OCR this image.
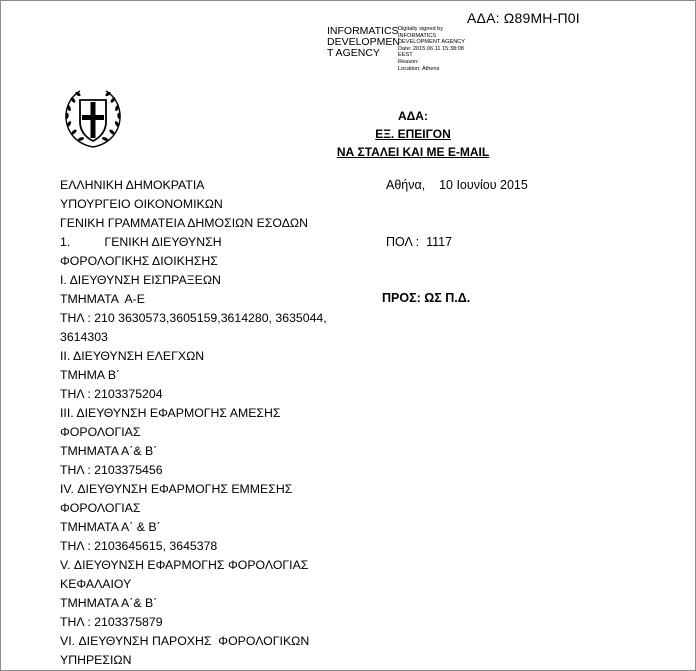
ΑΔΑ: Ω89ΜΗ-Π0Ι
INFORMATICS DEVELOPMEN T AGENCY
Digitally signed by
INFORMATICS
DEVELOPMENT AGENCY
Date: 2015.06.11 15:38:08
EEST
Reason:
Location: Athens
ΑΔΑ:
ΕΞ. ΕΠΕΙΓΟΝ
ΝΑ ΣΤΑΛΕΙ ΚΑΙ ΜΕ E-MAIL
ΕΛΛΗΝΙΚΗ ΔΗΜΟΚΡΑΤΙΑ
ΥΠΟΥΡΓΕΙΟ ΟΙΚΟΝΟΜΙΚΩΝ
ΓΕΝΙΚΗ ΓΡΑΜΜΑΤΕΙΑ ΔΗΜΟΣΙΩΝ ΕΣΟΔΩΝ
1.          ΓΕΝΙΚΗ ΔΙΕΥΘΥΝΣΗ
ΦΟΡΟΛΟΓΙΚΗΣ ΔΙΟΙΚΗΣΗΣ
Ι. ΔΙΕΥΘΥΝΣΗ ΕΙΣΠΡΑΞΕΩΝ
ΤΜΗΜΑΤΑ  Α-Ε
ΤΗΛ : 210 3630573,3605159,3614280, 3635044,
3614303
ΙΙ. ΔΙΕΥΘΥΝΣΗ ΕΛΕΓΧΩΝ
ΤΜΗΜΑ Β΄
ΤΗΛ : 2103375204
ΙΙΙ. ΔΙΕΥΘΥΝΣΗ ΕΦΑΡΜΟΓΗΣ ΑΜΕΣΗΣ
ΦΟΡΟΛΟΓΙΑΣ
ΤΜΗΜΑΤΑ Α΄& Β΄
ΤΗΛ : 2103375456
ΙV. ΔΙΕΥΘΥΝΣΗ ΕΦΑΡΜΟΓΗΣ ΕΜΜΕΣΗΣ
ΦΟΡΟΛΟΓΙΑΣ
ΤΜΗΜΑΤΑ Α΄ & Β΄
ΤΗΛ : 2103645615, 3645378
V. ΔΙΕΥΘΥΝΣΗ ΕΦΑΡΜΟΓΗΣ ΦΟΡΟΛΟΓΙΑΣ
ΚΕΦΑΛΑΙΟΥ
ΤΜΗΜΑΤΑ Α΄& Β΄
ΤΗΛ : 2103375879
VI. ΔΙΕΥΘΥΝΣΗ ΠΑΡΟΧΗΣ  ΦΟΡΟΛΟΓΙΚΩΝ
ΥΠΗΡΕΣΙΩΝ
Αθήνα,    10 Ιουνίου 2015
ΠΟΛ :  1117
ΠΡΟΣ: ΩΣ Π.Δ.
